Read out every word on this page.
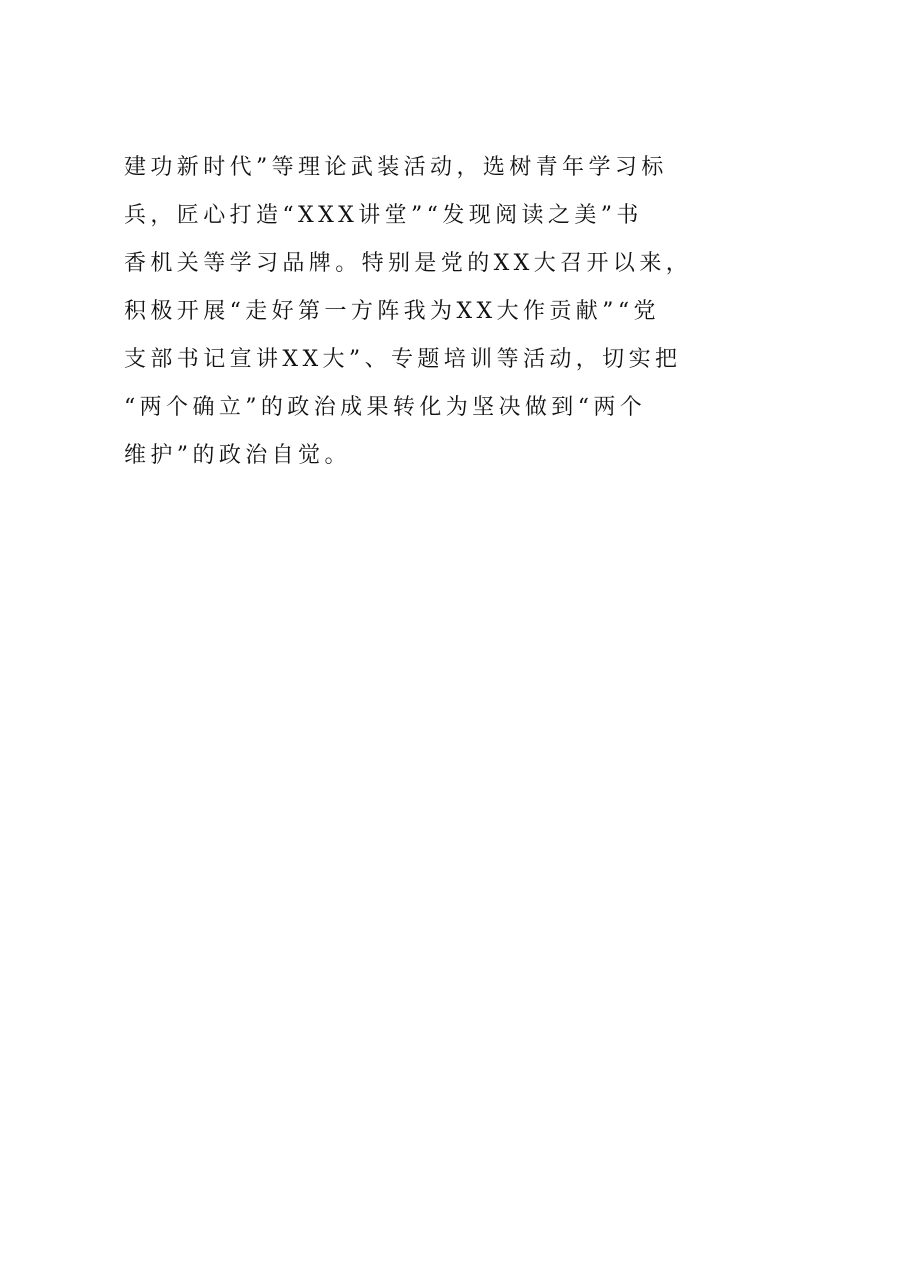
建功新时代”等理论武装活动，选树青年学习标
兵，匠心打造“XXX讲堂”“发现阅读之美”书
香机关等学习品牌。特别是党的XX大召开以来，
积极开展“走好第一方阵我为XX大作贡献”“党
支部书记宣讲XX大”、专题培训等活动，切实把
“两个确立”的政治成果转化为坚决做到“两个
维护”的政治自觉。
